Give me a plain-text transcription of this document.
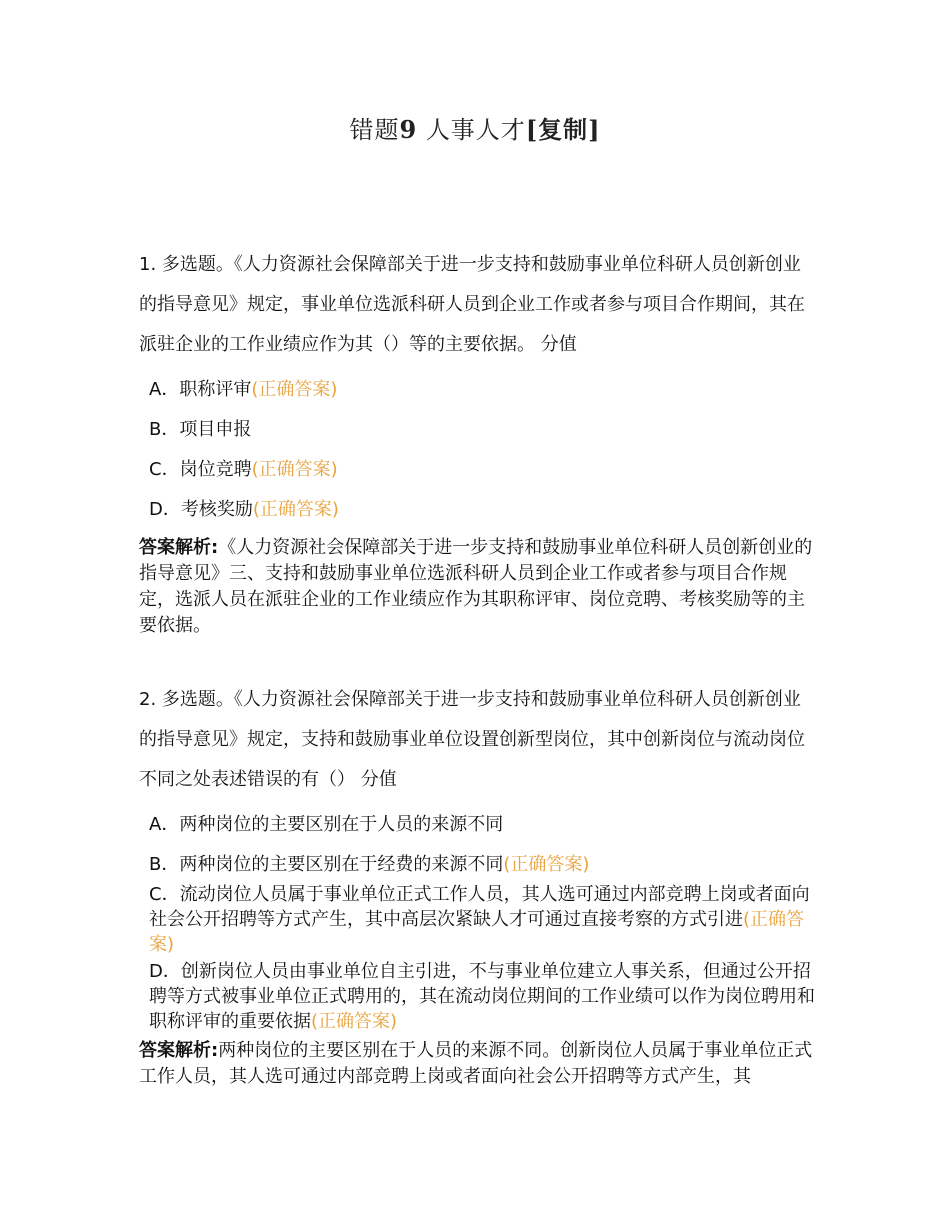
错题9 人事人才[复制]
1. 多选题。《人力资源社会保障部关于进一步支持和鼓励事业单位科研人员创新创业的指导意见》规定，事业单位选派科研人员到企业工作或者参与项目合作期间，其在派驻企业的工作业绩应作为其（）等的主要依据。 分值
A．职称评审(正确答案)
B．项目申报
C．岗位竞聘(正确答案)
D．考核奖励(正确答案)
答案解析:《人力资源社会保障部关于进一步支持和鼓励事业单位科研人员创新创业的指导意见》三、支持和鼓励事业单位选派科研人员到企业工作或者参与项目合作规定，选派人员在派驻企业的工作业绩应作为其职称评审、岗位竞聘、考核奖励等的主要依据。
2. 多选题。《人力资源社会保障部关于进一步支持和鼓励事业单位科研人员创新创业的指导意见》规定，支持和鼓励事业单位设置创新型岗位，其中创新岗位与流动岗位不同之处表述错误的有（） 分值
A．两种岗位的主要区别在于人员的来源不同
B．两种岗位的主要区别在于经费的来源不同(正确答案)
C．流动岗位人员属于事业单位正式工作人员，其人选可通过内部竞聘上岗或者面向社会公开招聘等方式产生，其中高层次紧缺人才可通过直接考察的方式引进(正确答案)
D．创新岗位人员由事业单位自主引进，不与事业单位建立人事关系，但通过公开招聘等方式被事业单位正式聘用的，其在流动岗位期间的工作业绩可以作为岗位聘用和职称评审的重要依据(正确答案)
答案解析:两种岗位的主要区别在于人员的来源不同。创新岗位人员属于事业单位正式工作人员，其人选可通过内部竞聘上岗或者面向社会公开招聘等方式产生，其
